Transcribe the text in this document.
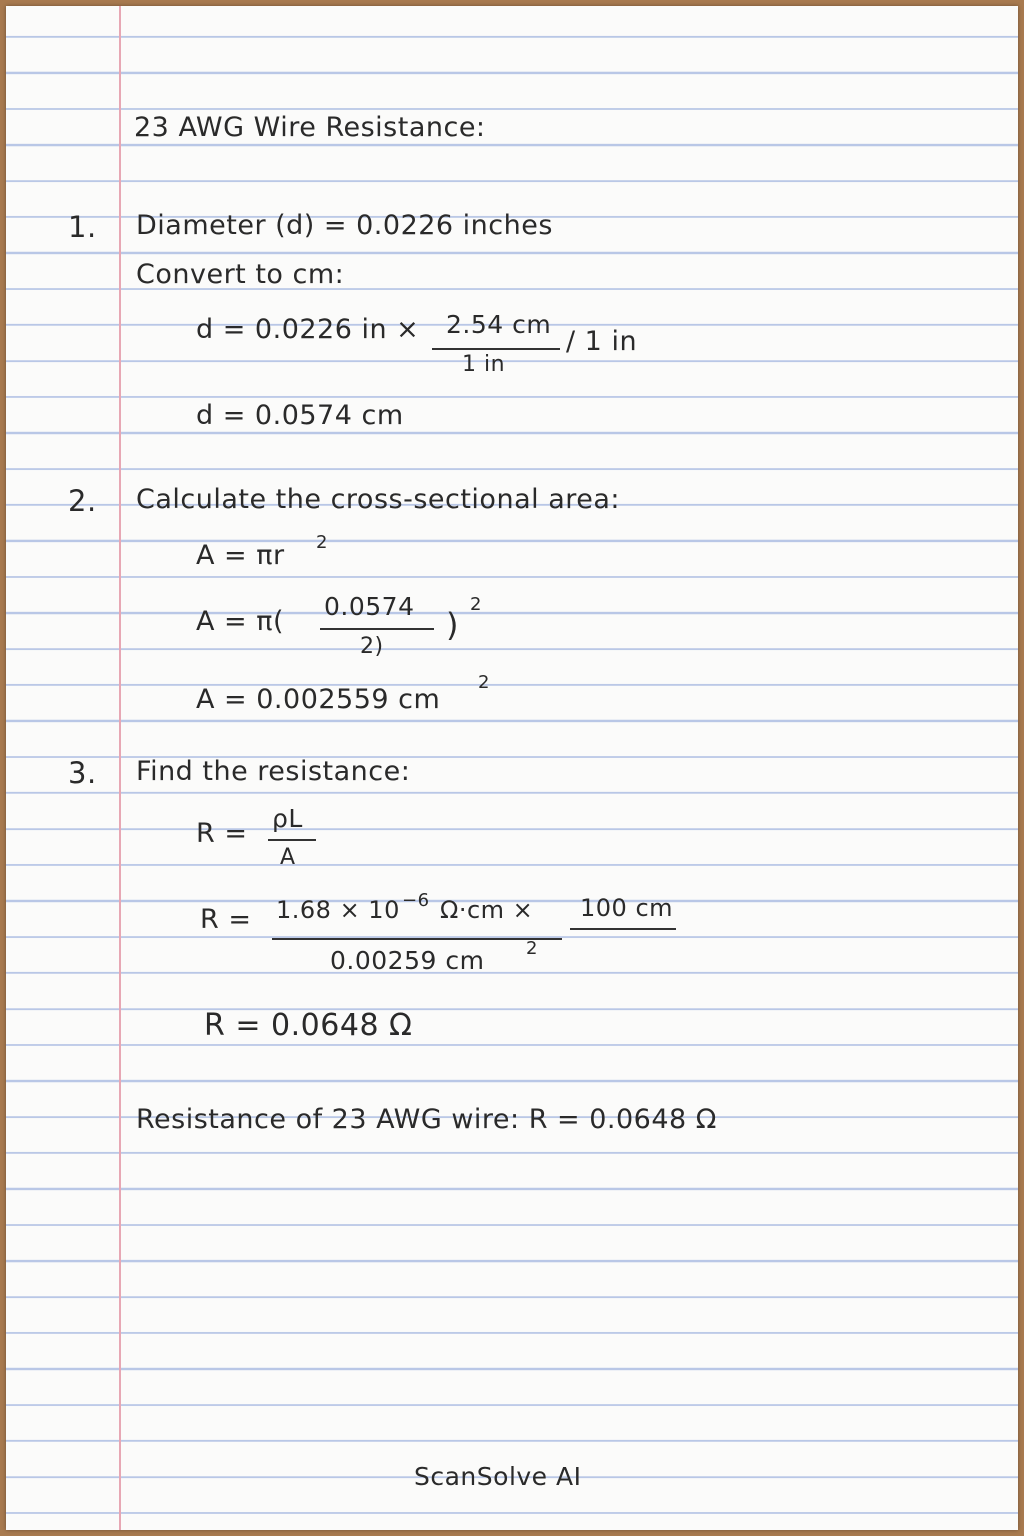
23 AWG Wire Resistance:
1. Diameter (d) = 0.0226 inches
Convert to cm:
d = 0.0226 in × 2.54 cm
1 in
/ 1 in
d = 0.0574 cm
2. Calculate the cross-sectional area:
A = πr 2
A = π( 0.0574
2)
)
2
A = 0.002559 cm
2
3. Find the resistance:
R = ρL
A
R = 1.68 × 10 −6 Ω·cm × 100 cm
0.00259 cm 2
R = 0.0648 Ω
Resistance of 23 AWG wire: R = 0.0648 Ω
ScanSolve AI
